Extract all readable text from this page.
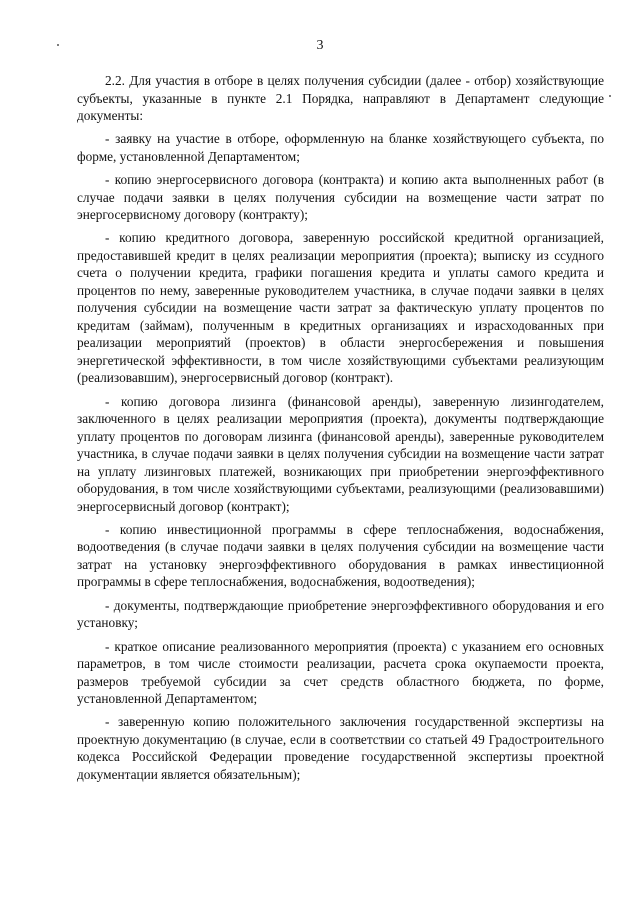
3

2.2. Для участия в отборе в целях получения субсидии (далее - отбор) хозяйствующие субъекты, указанные в пункте 2.1 Порядка, направляют в Департамент следующие документы:

- заявку на участие в отборе, оформленную на бланке хозяйствующего субъекта, по форме, установленной Департаментом;

- копию энергосервисного договора (контракта) и копию акта выполненных работ (в случае подачи заявки в целях получения субсидии на возмещение части затрат по энергосервисному договору (контракту);

- копию кредитного договора, заверенную российской кредитной организацией, предоставившей кредит в целях реализации мероприятия (проекта); выписку из ссудного счета о получении кредита, графики погашения кредита и уплаты самого кредита и процентов по нему, заверенные руководителем участника, в случае подачи заявки в целях получения субсидии на возмещение части затрат за фактическую уплату процентов по кредитам (займам), полученным в кредитных организациях и израсходованных при реализации мероприятий (проектов) в области энергосбережения и повышения энергетической эффективности, в том числе хозяйствующими субъектами реализующим (реализовавшим), энергосервисный договор (контракт).

- копию договора лизинга (финансовой аренды), заверенную лизингодателем, заключенного в целях реализации мероприятия (проекта), документы подтверждающие уплату процентов по договорам лизинга (финансовой аренды), заверенные руководителем участника, в случае подачи заявки в целях получения субсидии на возмещение части затрат на уплату лизинговых платежей, возникающих при приобретении энергоэффективного оборудования, в том числе хозяйствующими субъектами, реализующими (реализовавшими) энергосервисный договор (контракт);

- копию инвестиционной программы в сфере теплоснабжения, водоснабжения, водоотведения (в случае подачи заявки в целях получения субсидии на возмещение части затрат на установку энергоэффективного оборудования в рамках инвестиционной программы в сфере теплоснабжения, водоснабжения, водоотведения);

- документы, подтверждающие приобретение энергоэффективного оборудования и его установку;

- краткое описание реализованного мероприятия (проекта) с указанием его основных параметров, в том числе стоимости реализации, расчета срока окупаемости проекта, размеров требуемой субсидии за счет средств областного бюджета, по форме, установленной Департаментом;

- заверенную копию положительного заключения государственной экспертизы на проектную документацию (в случае, если в соответствии со статьей 49 Градостроительного кодекса Российской Федерации проведение государственной экспертизы проектной документации является обязательным);
